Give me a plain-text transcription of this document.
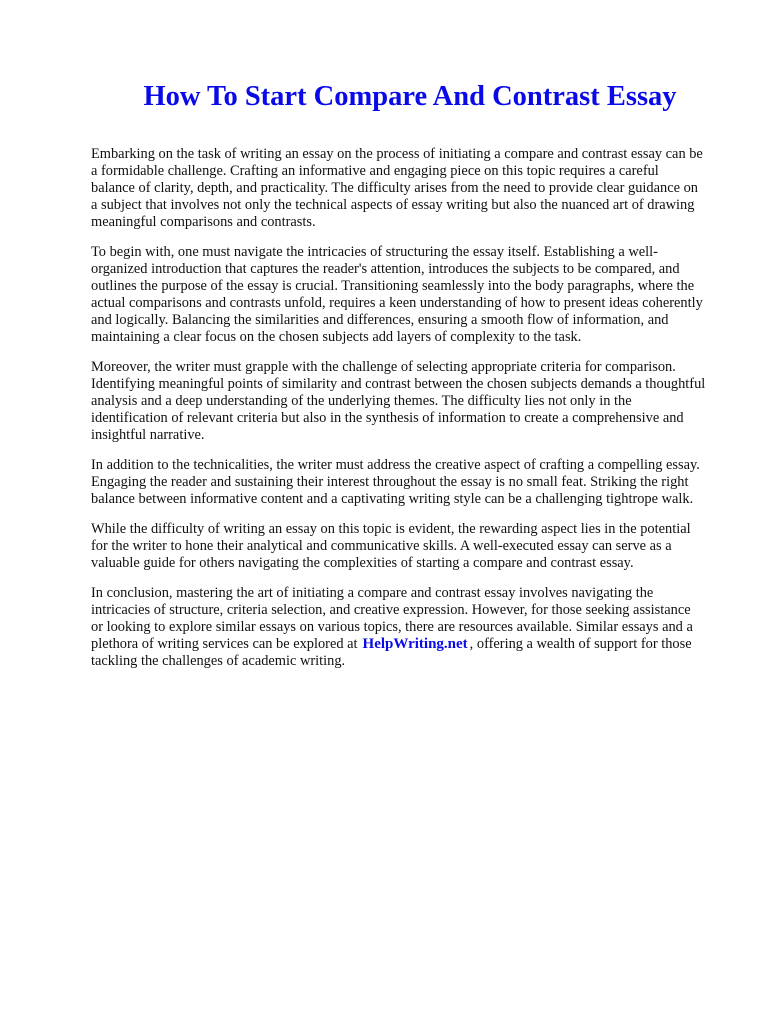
How To Start Compare And Contrast Essay

Embarking on the task of writing an essay on the process of initiating a compare and contrast essay can be a formidable challenge. Crafting an informative and engaging piece on this topic requires a careful balance of clarity, depth, and practicality. The difficulty arises from the need to provide clear guidance on a subject that involves not only the technical aspects of essay writing but also the nuanced art of drawing meaningful comparisons and contrasts.

To begin with, one must navigate the intricacies of structuring the essay itself. Establishing a well-organized introduction that captures the reader's attention, introduces the subjects to be compared, and outlines the purpose of the essay is crucial. Transitioning seamlessly into the body paragraphs, where the actual comparisons and contrasts unfold, requires a keen understanding of how to present ideas coherently and logically. Balancing the similarities and differences, ensuring a smooth flow of information, and maintaining a clear focus on the chosen subjects add layers of complexity to the task.

Moreover, the writer must grapple with the challenge of selecting appropriate criteria for comparison. Identifying meaningful points of similarity and contrast between the chosen subjects demands a thoughtful analysis and a deep understanding of the underlying themes. The difficulty lies not only in the identification of relevant criteria but also in the synthesis of information to create a comprehensive and insightful narrative.

In addition to the technicalities, the writer must address the creative aspect of crafting a compelling essay. Engaging the reader and sustaining their interest throughout the essay is no small feat. Striking the right balance between informative content and a captivating writing style can be a challenging tightrope walk.

While the difficulty of writing an essay on this topic is evident, the rewarding aspect lies in the potential for the writer to hone their analytical and communicative skills. A well-executed essay can serve as a valuable guide for others navigating the complexities of starting a compare and contrast essay.

In conclusion, mastering the art of initiating a compare and contrast essay involves navigating the intricacies of structure, criteria selection, and creative expression. However, for those seeking assistance or looking to explore similar essays on various topics, there are resources available. Similar essays and a plethora of writing services can be explored at HelpWriting.net , offering a wealth of support for those tackling the challenges of academic writing.
